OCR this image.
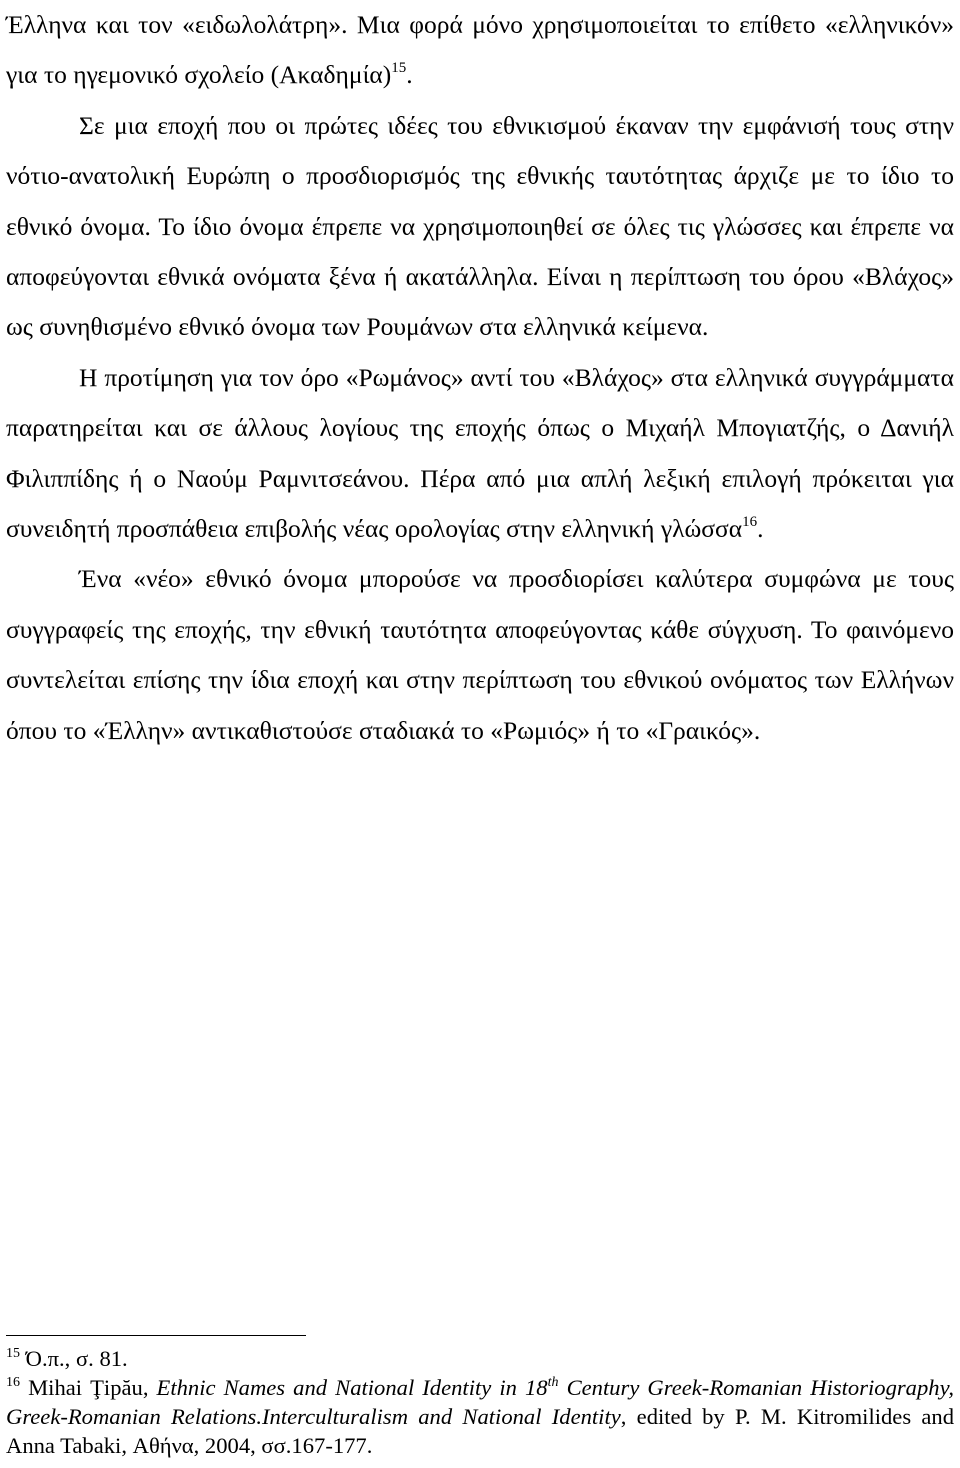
Έλληνα και τον «ειδωλολάτρη». Μια φορά μόνο χρησιμοποιείται το επίθετο «ελληνικόν» για το ηγεμονικό σχολείο $(A\kappa\alpha\delta\eta\mu ί\alpha)^{15}$.

Σε μια εποχή που οι πρώτες ιδέες του εθνικισμού έκαναν την εμφάνισή τους στην νότιο-ανατολική Ευρώπη ο προσδιορισμός της εθνικής ταυτότητας άρχιζε με το ίδιο το εθνικό όνομα. Το ίδιο όνομα έπρεπε να χρησιμοποιηθεί σε όλες τις γλώσσες και έπρεπε να αποφεύγονται εθνικά ονόματα ξένα ή ακατάλληλα. Είναι η περίπτωση του όρου «Βλάχος» ως συνηθισμένο εθνικό όνομα των Ρουμάνων στα ελληνικά κείμενα.

Η προτίμηση για τον όρο «Ρωμάνος» αντί του «Βλάχος» στα ελληνικά συγγράμματα παρατηρείται και σε άλλους λογίους της εποχής όπως ο Μιχαήλ Μπογιατζής, ο Δανιήλ Φιλιππίδης ή ο Ναούμ Ραμνιτσεάνου. Πέρα από μια απλή λεξική επιλογή πρόκειται για συνειδητή προσπάθεια επιβολής νέας ορολογίας στην ελληνική γλώσσα$^{16}$.

Ένα «νέο» εθνικό όνομα μπορούσε να προσδιορίσει καλύτερα συμφώνα με τους συγγραφείς της εποχής, την εθνική ταυτότητα αποφεύγοντας κάθε σύγχυση. Το φαινόμενο συντελείται επίσης την ίδια εποχή και στην περίπτωση του εθνικού ονόματος των Ελλήνων όπου το «Έλλην» αντικαθιστούσε σταδιακά το «Ρωμιός» ή το «Γραικός».

$^{15}$ Ό.π., σ. 81.

$^{16}$ Mihai Ţipău, Ethnic Names and National Identity in 18th Century Greek-Romanian Historiography, Greek-Romanian Relations.Interculturalism and National Identity, edited by P. M. Kitromilides and Anna Tabaki, Αθήνα, 2004, σσ.167-177.
